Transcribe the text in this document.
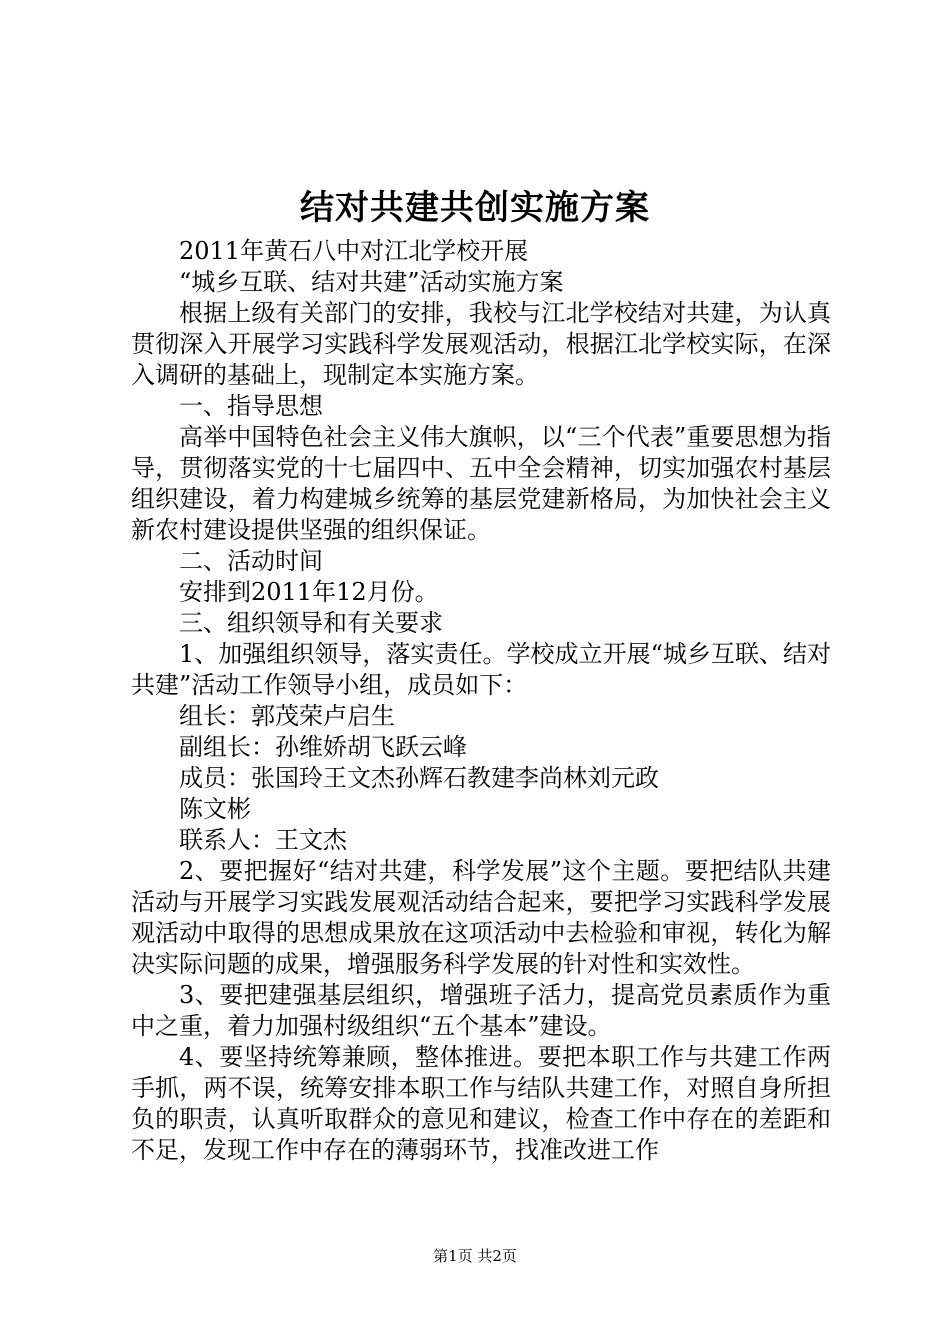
结对共建共创实施方案

2011年黄石八中对江北学校开展

“城乡互联、结对共建”活动实施方案

根据上级有关部门的安排，我校与江北学校结对共建，为认真贯彻深入开展学习实践科学发展观活动，根据江北学校实际，在深入调研的基础上，现制定本实施方案。

一、指导思想

高举中国特色社会主义伟大旗帜，以“三个代表”重要思想为指导，贯彻落实党的十七届四中、五中全会精神，切实加强农村基层组织建设，着力构建城乡统筹的基层党建新格局，为加快社会主义新农村建设提供坚强的组织保证。

二、活动时间

安排到2011年12月份。

三、组织领导和有关要求

1、加强组织领导，落实责任。学校成立开展“城乡互联、结对共建”活动工作领导小组，成员如下：

组长：郭茂荣卢启生

副组长：孙维娇胡飞跃云峰

成员：张国玲王文杰孙辉石教建李尚林刘元政

陈文彬

联系人：王文杰

2、要把握好“结对共建，科学发展”这个主题。要把结队共建活动与开展学习实践发展观活动结合起来，要把学习实践科学发展观活动中取得的思想成果放在这项活动中去检验和审视，转化为解决实际问题的成果，增强服务科学发展的针对性和实效性。

3、要把建强基层组织，增强班子活力，提高党员素质作为重中之重，着力加强村级组织“五个基本”建设。

4、要坚持统筹兼顾，整体推进。要把本职工作与共建工作两手抓，两不误，统筹安排本职工作与结队共建工作，对照自身所担负的职责，认真听取群众的意见和建议，检查工作中存在的差距和不足，发现工作中存在的薄弱环节，找准改进工作

第1页 共2页
